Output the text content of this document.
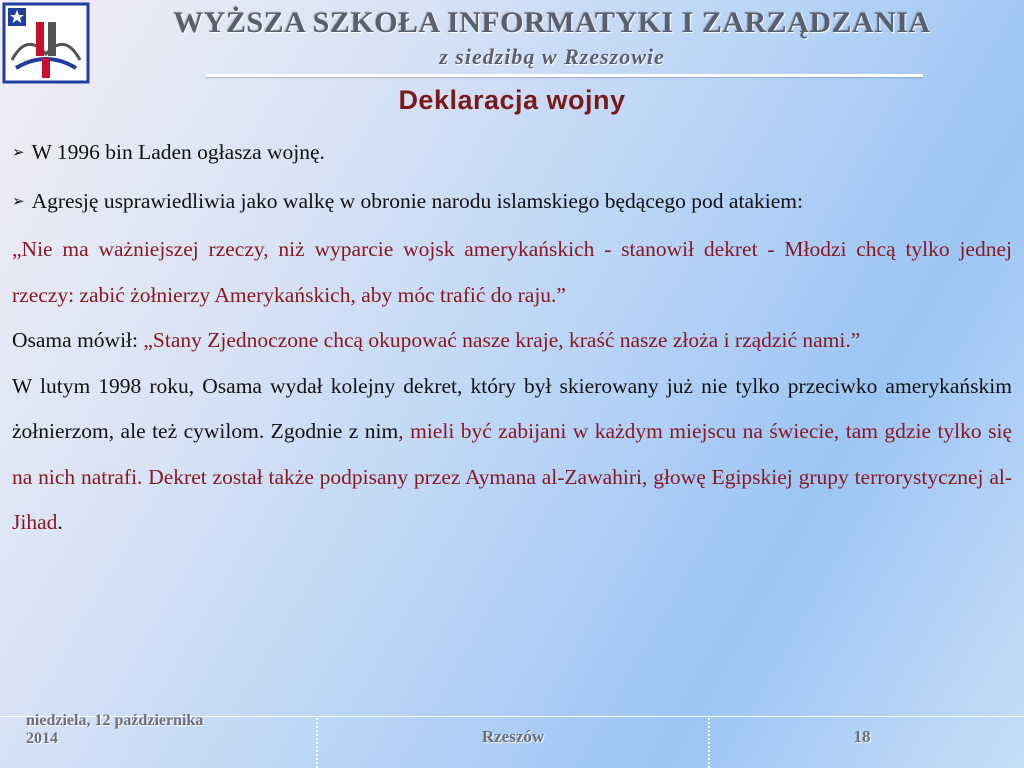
WYŻSZA SZKOŁA INFORMATYKI I ZARZĄDZANIA
z siedzibą w Rzeszowie
Deklaracja wojny

➢ W 1996 bin Laden ogłasza wojnę.

➢ Agresję usprawiedliwia jako walkę w obronie narodu islamskiego będącego pod atakiem:

„Nie ma ważniejszej rzeczy, niż wyparcie wojsk amerykańskich - stanowił dekret - Młodzi chcą tylko jednej rzeczy: zabić żołnierzy Amerykańskich, aby móc trafić do raju.”

Osama mówił: „Stany Zjednoczone chcą okupować nasze kraje, kraść nasze złoża i rządzić nami.”

W lutym 1998 roku, Osama wydał kolejny dekret, który był skierowany już nie tylko przeciwko amerykańskim żołnierzom, ale też cywilom. Zgodnie z nim, mieli być zabijani w każdym miejscu na świecie, tam gdzie tylko się na nich natrafi. Dekret został także podpisany przez Aymana al-Zawahiri, głowę Egipskiej grupy terrorystycznej al-Jihad.

niedziela, 12 października
2014	Rzeszów	18
